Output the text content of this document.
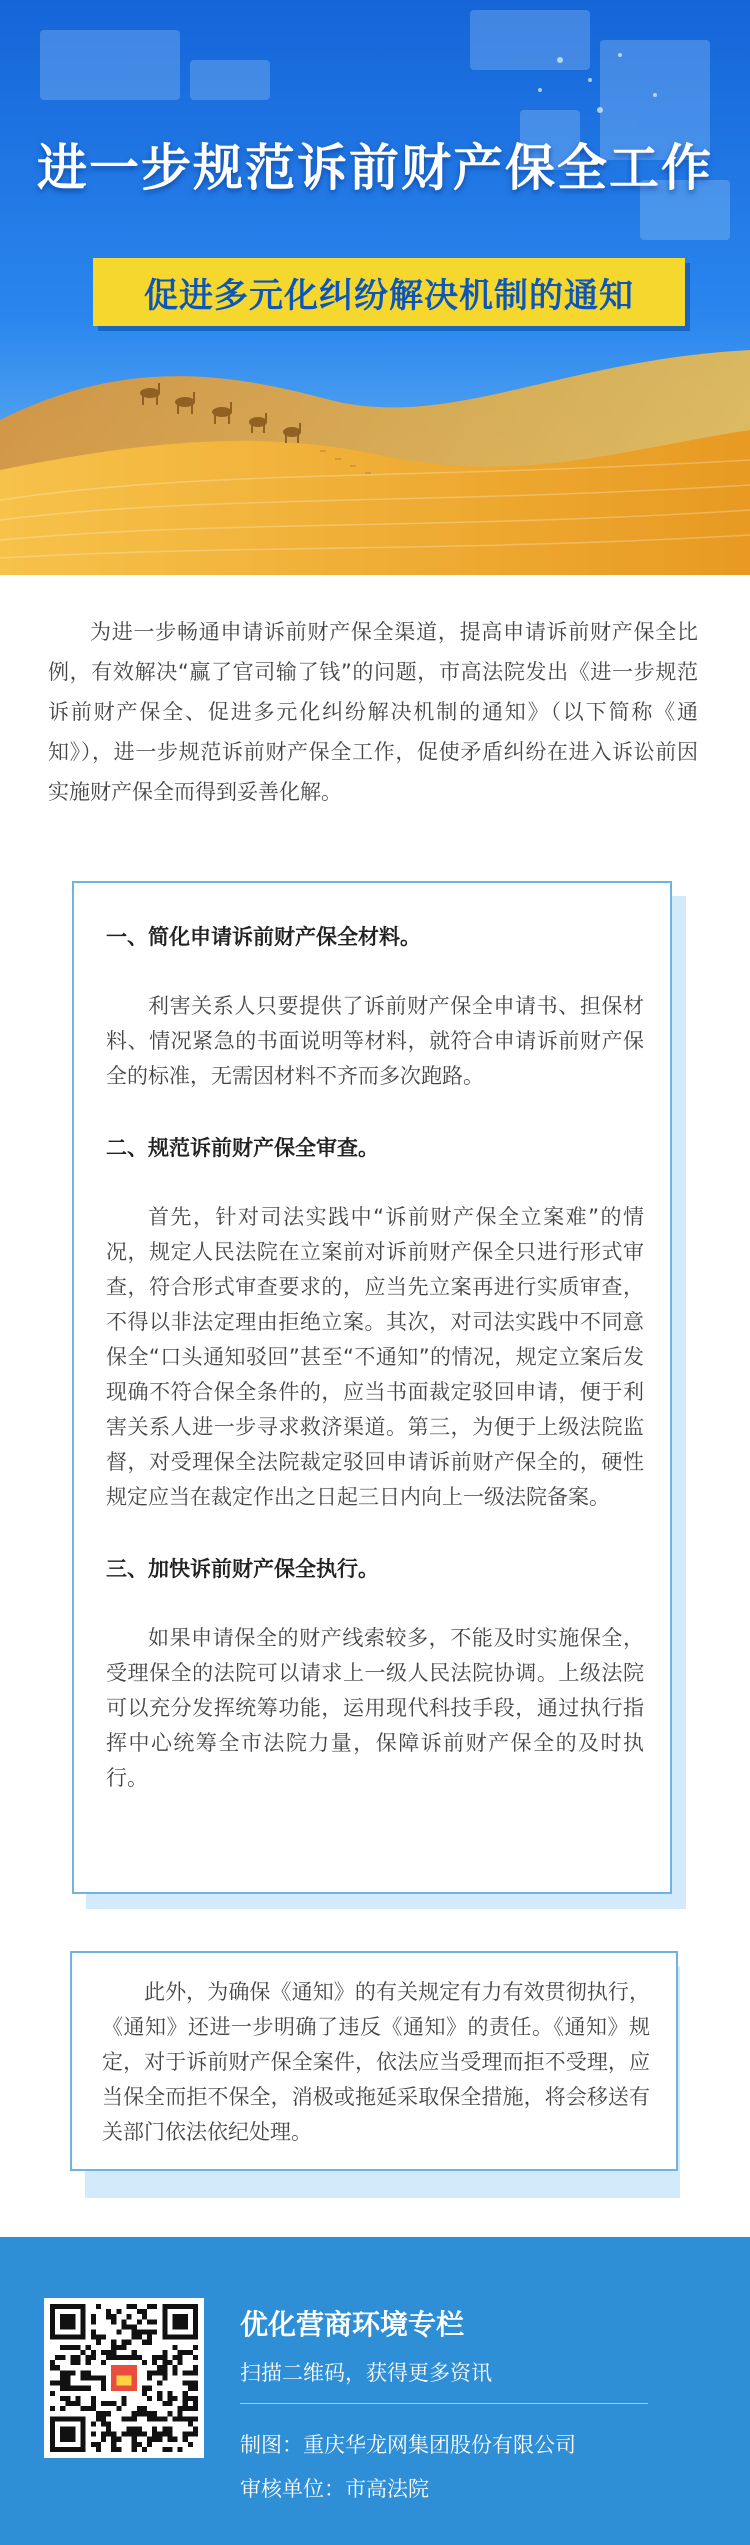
进一步规范诉前财产保全工作
促进多元化纠纷解决机制的通知

为进一步畅通申请诉前财产保全渠道，提高申请诉前财产保全比例，有效解决“赢了官司输了钱”的问题，市高法院发出《进一步规范诉前财产保全、促进多元化纠纷解决机制的通知》（以下简称《通知》），进一步规范诉前财产保全工作，促使矛盾纠纷在进入诉讼前因实施财产保全而得到妥善化解。

一、简化申请诉前财产保全材料。

利害关系人只要提供了诉前财产保全申请书、担保材料、情况紧急的书面说明等材料，就符合申请诉前财产保全的标准，无需因材料不齐而多次跑路。

二、规范诉前财产保全审查。

首先，针对司法实践中“诉前财产保全立案难”的情况，规定人民法院在立案前对诉前财产保全只进行形式审查，符合形式审查要求的，应当先立案再进行实质审查，不得以非法定理由拒绝立案。其次，对司法实践中不同意保全“口头通知驳回”甚至“不通知”的情况，规定立案后发现确不符合保全条件的，应当书面裁定驳回申请，便于利害关系人进一步寻求救济渠道。第三，为便于上级法院监督，对受理保全法院裁定驳回申请诉前财产保全的，硬性规定应当在裁定作出之日起三日内向上一级法院备案。

三、加快诉前财产保全执行。

如果申请保全的财产线索较多，不能及时实施保全，受理保全的法院可以请求上一级人民法院协调。上级法院可以充分发挥统筹功能，运用现代科技手段，通过执行指挥中心统筹全市法院力量，保障诉前财产保全的及时执行。

此外，为确保《通知》的有关规定有力有效贯彻执行，《通知》还进一步明确了违反《通知》的责任。《通知》规定，对于诉前财产保全案件，依法应当受理而拒不受理，应当保全而拒不保全，消极或拖延采取保全措施，将会移送有关部门依法依纪处理。

优化营商环境专栏
扫描二维码，获得更多资讯
制图：重庆华龙网集团股份有限公司
审核单位：市高法院
